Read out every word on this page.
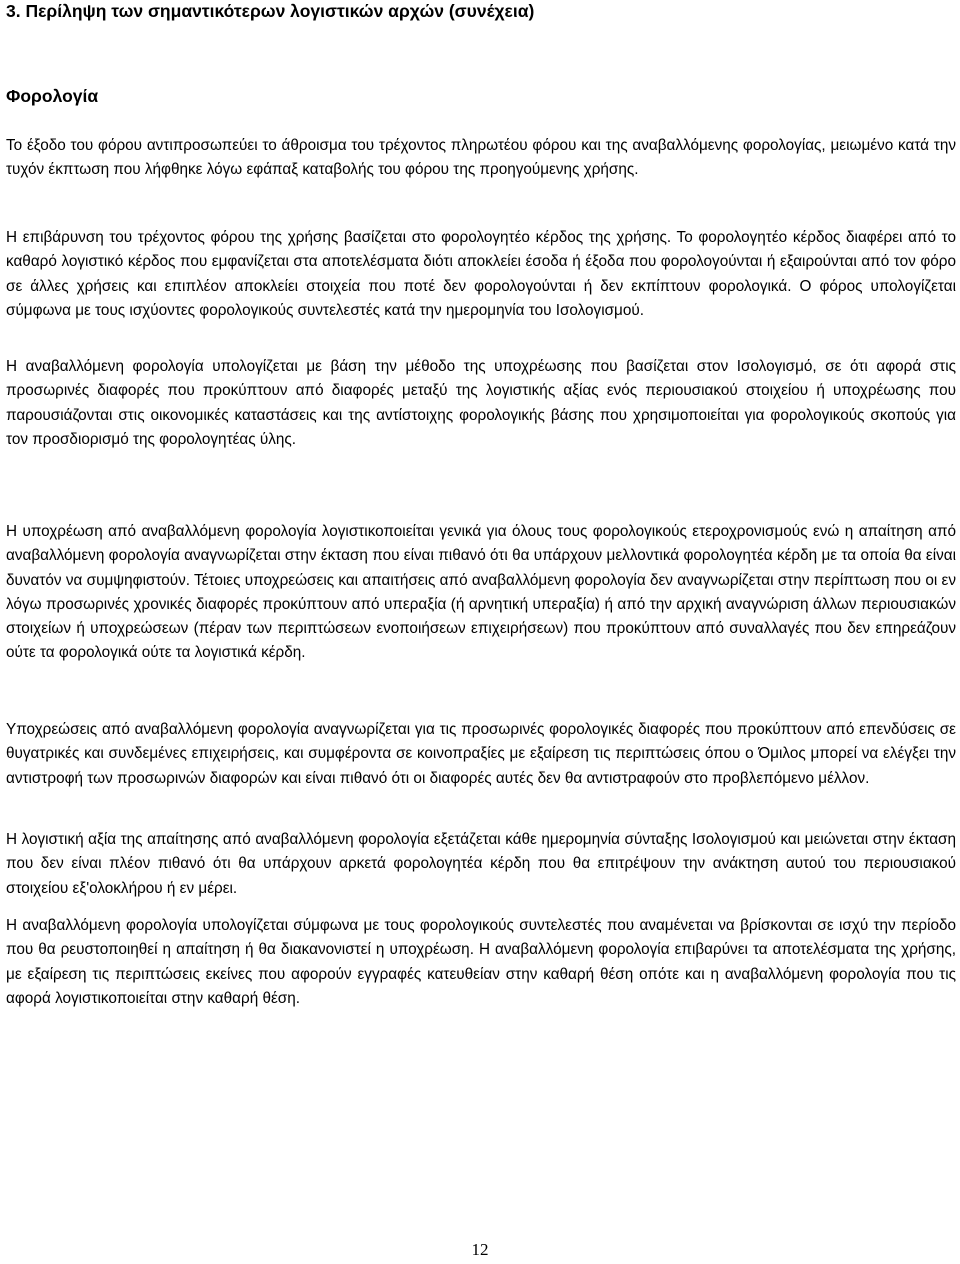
3. Περίληψη των σημαντικότερων λογιστικών αρχών (συνέχεια)
Φορολογία

Το έξοδο του φόρου αντιπροσωπεύει το άθροισμα του τρέχοντος πληρωτέου φόρου και της αναβαλλόμενης φορολογίας, μειωμένο κατά την τυχόν έκπτωση που λήφθηκε λόγω εφάπαξ καταβολής του φόρου της προηγούμενης χρήσης.

Η επιβάρυνση του τρέχοντος φόρου της χρήσης βασίζεται στο φορολογητέο κέρδος της χρήσης. Το φορολογητέο κέρδος διαφέρει από το καθαρό λογιστικό κέρδος που εμφανίζεται στα αποτελέσματα διότι αποκλείει έσοδα ή έξοδα που φορολογούνται ή εξαιρούνται από τον φόρο σε άλλες χρήσεις και επιπλέον αποκλείει στοιχεία που ποτέ δεν φορολογούνται ή δεν εκπίπτουν φορολογικά. Ο φόρος υπολογίζεται σύμφωνα με τους ισχύοντες φορολογικούς συντελεστές κατά την ημερομηνία του Ισολογισμού.

Η αναβαλλόμενη φορολογία υπολογίζεται με βάση την μέθοδο της υποχρέωσης που βασίζεται στον Ισολογισμό, σε ότι αφορά στις προσωρινές διαφορές που προκύπτουν από διαφορές μεταξύ της λογιστικής αξίας ενός περιουσιακού στοιχείου ή υποχρέωσης που παρουσιάζονται στις οικονομικές καταστάσεις και της αντίστοιχης φορολογικής βάσης που χρησιμοποιείται για φορολογικούς σκοπούς για τον προσδιορισμό της φορολογητέας ύλης.

Η υποχρέωση από αναβαλλόμενη φορολογία λογιστικοποιείται γενικά για όλους τους φορολογικούς ετεροχρονισμούς ενώ η απαίτηση από αναβαλλόμενη φορολογία αναγνωρίζεται στην έκταση που είναι πιθανό ότι θα υπάρχουν μελλοντικά φορολογητέα κέρδη με τα οποία θα είναι δυνατόν να συμψηφιστούν. Τέτοιες υποχρεώσεις και απαιτήσεις από αναβαλλόμενη φορολογία δεν αναγνωρίζεται στην περίπτωση που οι εν λόγω προσωρινές χρονικές διαφορές προκύπτουν από υπεραξία (ή αρνητική υπεραξία) ή από την αρχική αναγνώριση άλλων περιουσιακών στοιχείων ή υποχρεώσεων (πέραν των περιπτώσεων ενοποιήσεων επιχειρήσεων) που προκύπτουν από συναλλαγές που δεν επηρεάζουν ούτε τα φορολογικά ούτε τα λογιστικά κέρδη.

Υποχρεώσεις από αναβαλλόμενη φορολογία αναγνωρίζεται για τις προσωρινές φορολογικές διαφορές που προκύπτουν από επενδύσεις σε θυγατρικές και συνδεμένες επιχειρήσεις, και συμφέροντα σε κοινοπραξίες με εξαίρεση τις περιπτώσεις όπου ο Όμιλος μπορεί να ελέγξει την αντιστροφή των προσωρινών διαφορών και είναι πιθανό ότι οι διαφορές αυτές δεν θα αντιστραφούν στο προβλεπόμενο μέλλον.

Η λογιστική αξία της απαίτησης από αναβαλλόμενη φορολογία εξετάζεται κάθε ημερομηνία σύνταξης Ισολογισμού και μειώνεται στην έκταση που δεν είναι πλέον πιθανό ότι θα υπάρχουν αρκετά φορολογητέα κέρδη που θα επιτρέψουν την ανάκτηση αυτού του περιουσιακού στοιχείου εξ'ολοκλήρου ή εν μέρει.

Η αναβαλλόμενη φορολογία υπολογίζεται σύμφωνα με τους φορολογικούς συντελεστές που αναμένεται να βρίσκονται σε ισχύ την περίοδο που θα ρευστοποιηθεί η απαίτηση ή θα διακανονιστεί η υποχρέωση. Η αναβαλλόμενη φορολογία επιβαρύνει τα αποτελέσματα της χρήσης, με εξαίρεση τις περιπτώσεις εκείνες που αφορούν εγγραφές κατευθείαν στην καθαρή θέση οπότε και η αναβαλλόμενη φορολογία που τις αφορά λογιστικοποιείται στην καθαρή θέση.

12
